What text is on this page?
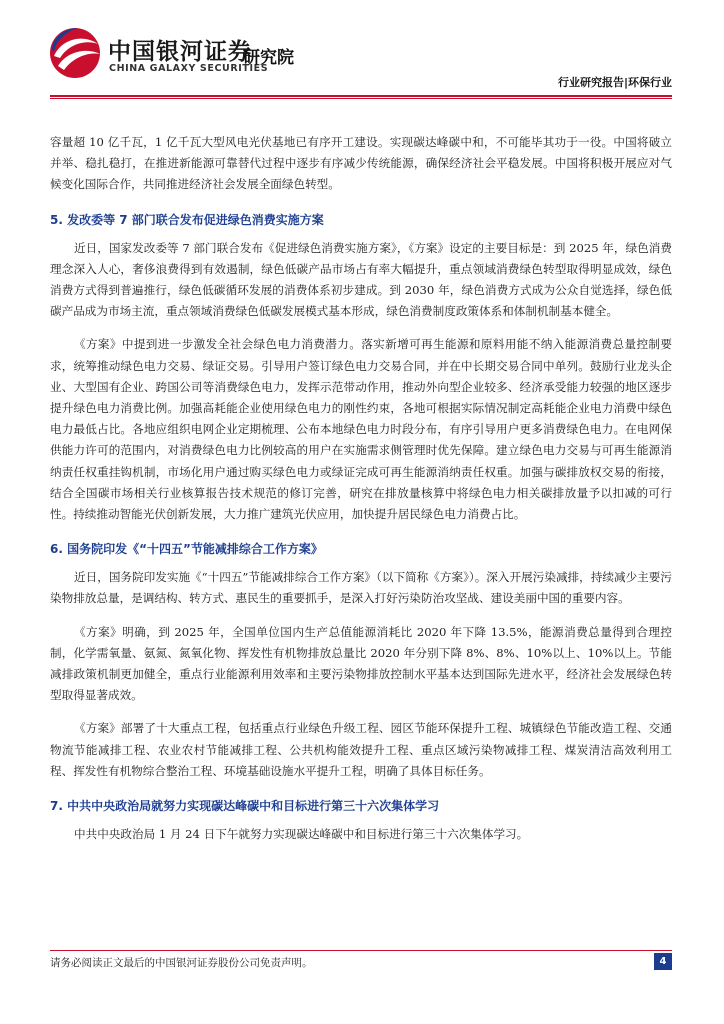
中国银河证券
CHINA GALAXY SECURITIES
研究院
行业研究报告|环保行业

容量超 10 亿千瓦，1 亿千瓦大型风电光伏基地已有序开工建设。实现碳达峰碳中和，不可能毕其功于一役。中国将破立并举、稳扎稳打，在推进新能源可靠替代过程中逐步有序减少传统能源，确保经济社会平稳发展。中国将积极开展应对气候变化国际合作，共同推进经济社会发展全面绿色转型。

5. 发改委等 7 部门联合发布促进绿色消费实施方案

近日，国家发改委等 7 部门联合发布《促进绿色消费实施方案》，《方案》设定的主要目标是：到 2025 年，绿色消费理念深入人心，奢侈浪费得到有效遏制，绿色低碳产品市场占有率大幅提升，重点领域消费绿色转型取得明显成效，绿色消费方式得到普遍推行，绿色低碳循环发展的消费体系初步建成。到 2030 年，绿色消费方式成为公众自觉选择，绿色低碳产品成为市场主流，重点领域消费绿色低碳发展模式基本形成，绿色消费制度政策体系和体制机制基本健全。

《方案》中提到进一步激发全社会绿色电力消费潜力。落实新增可再生能源和原料用能不纳入能源消费总量控制要求，统筹推动绿色电力交易、绿证交易。引导用户签订绿色电力交易合同，并在中长期交易合同中单列。鼓励行业龙头企业、大型国有企业、跨国公司等消费绿色电力，发挥示范带动作用，推动外向型企业较多、经济承受能力较强的地区逐步提升绿色电力消费比例。加强高耗能企业使用绿色电力的刚性约束，各地可根据实际情况制定高耗能企业电力消费中绿色电力最低占比。各地应组织电网企业定期梳理、公布本地绿色电力时段分布，有序引导用户更多消费绿色电力。在电网保供能力许可的范围内，对消费绿色电力比例较高的用户在实施需求侧管理时优先保障。建立绿色电力交易与可再生能源消纳责任权重挂钩机制，市场化用户通过购买绿色电力或绿证完成可再生能源消纳责任权重。加强与碳排放权交易的衔接，结合全国碳市场相关行业核算报告技术规范的修订完善，研究在排放量核算中将绿色电力相关碳排放量予以扣减的可行性。持续推动智能光伏创新发展，大力推广建筑光伏应用，加快提升居民绿色电力消费占比。

6. 国务院印发《“十四五”节能减排综合工作方案》

近日，国务院印发实施《“十四五”节能减排综合工作方案》（以下简称《方案》）。深入开展污染减排，持续减少主要污染物排放总量，是调结构、转方式、惠民生的重要抓手，是深入打好污染防治攻坚战、建设美丽中国的重要内容。

《方案》明确，到 2025 年，全国单位国内生产总值能源消耗比 2020 年下降 13.5%，能源消费总量得到合理控制，化学需氧量、氨氮、氮氧化物、挥发性有机物排放总量比 2020 年分别下降 8%、8%、10%以上、10%以上。节能减排政策机制更加健全，重点行业能源利用效率和主要污染物排放控制水平基本达到国际先进水平，经济社会发展绿色转型取得显著成效。

《方案》部署了十大重点工程，包括重点行业绿色升级工程、园区节能环保提升工程、城镇绿色节能改造工程、交通物流节能减排工程、农业农村节能减排工程、公共机构能效提升工程、重点区域污染物减排工程、煤炭清洁高效利用工程、挥发性有机物综合整治工程、环境基础设施水平提升工程，明确了具体目标任务。

7. 中共中央政治局就努力实现碳达峰碳中和目标进行第三十六次集体学习

中共中央政治局 1 月 24 日下午就努力实现碳达峰碳中和目标进行第三十六次集体学习。

请务必阅读正文最后的中国银河证券股份公司免责声明。	4
